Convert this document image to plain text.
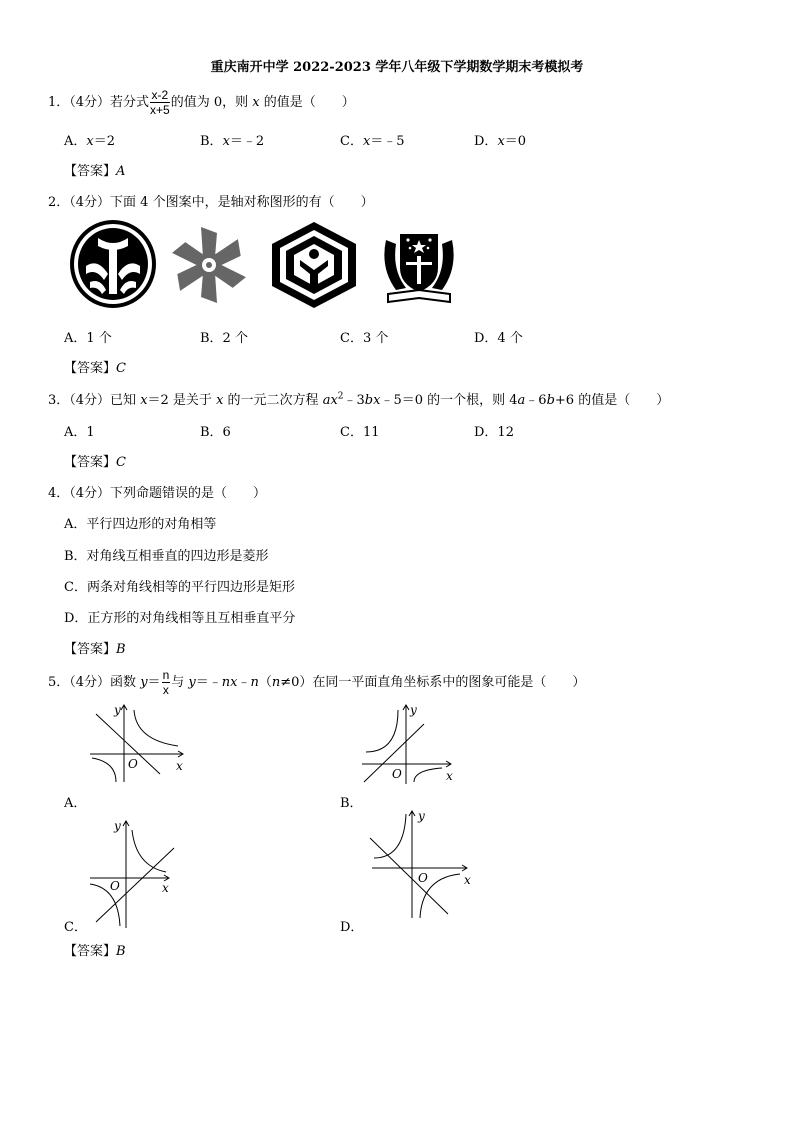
重庆南开中学 2022-2023 学年八年级下学期数学期末考模拟考
1．（4分）若分式 $\frac{x-2}{x+5}$ 的值为 0，则 x 的值是（　　）
A．x＝2	B．x＝﹣2	C．x＝﹣5	D．x＝0
【答案】A
2．（4分）下面 4 个图案中，是轴对称图形的有（　　）
A．1 个	B．2 个	C．3 个	D．4 个
【答案】C
3．（4分）已知 x＝2 是关于 x 的一元二次方程 $ax^2﹣3bx﹣5=0$ 的一个根，则 4a﹣6b+6 的值是（　　）
A．1	B．6	C．11	D．12
【答案】C
4．（4分）下列命题错误的是（　　）
A．平行四边形的对角相等
B．对角线互相垂直的四边形是菱形
C．两条对角线相等的平行四边形是矩形
D．正方形的对角线相等且互相垂直平分
【答案】B
5．（4分）函数 $y= \frac{n}{x}$ 与 y＝﹣nx﹣n（n≠0）在同一平面直角坐标系中的图象可能是（　　）
y
x
O
y
x
O
y
x
O
y
x
O
A．	B．
C．	D．
【答案】B
